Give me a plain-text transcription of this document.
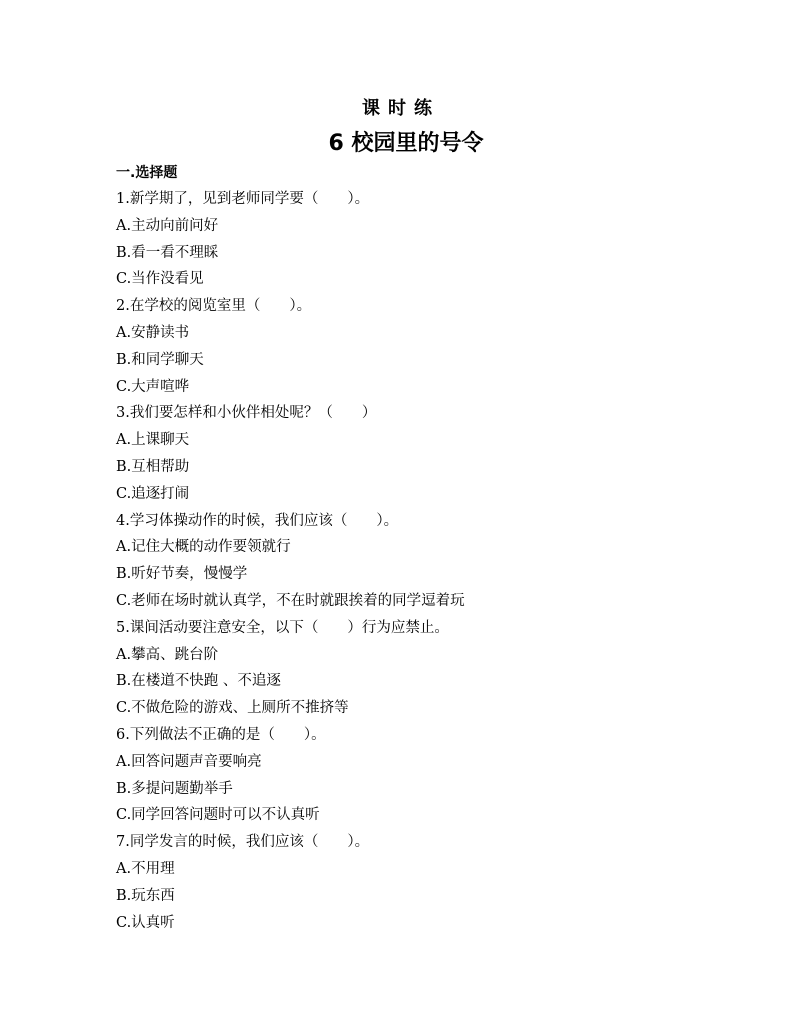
课时练
6 校园里的号令
一.选择题
1.新学期了，见到老师同学要（　　）。
A.主动向前问好
B.看一看不理睬
C.当作没看见
2.在学校的阅览室里（　　）。
A.安静读书
B.和同学聊天
C.大声喧哗
3.我们要怎样和小伙伴相处呢？（　　）
A.上课聊天
B.互相帮助
C.追逐打闹
4.学习体操动作的时候，我们应该（　　）。
A.记住大概的动作要领就行
B.听好节奏，慢慢学
C.老师在场时就认真学，不在时就跟挨着的同学逗着玩
5.课间活动要注意安全，以下（　　）行为应禁止。
A.攀高、跳台阶
B.在楼道不快跑 、不追逐
C.不做危险的游戏、上厕所不推挤等
6.下列做法不正确的是（　　）。
A.回答问题声音要响亮
B.多提问题勤举手
C.同学回答问题时可以不认真听
7.同学发言的时候，我们应该（　　）。
A.不用理
B.玩东西
C.认真听
